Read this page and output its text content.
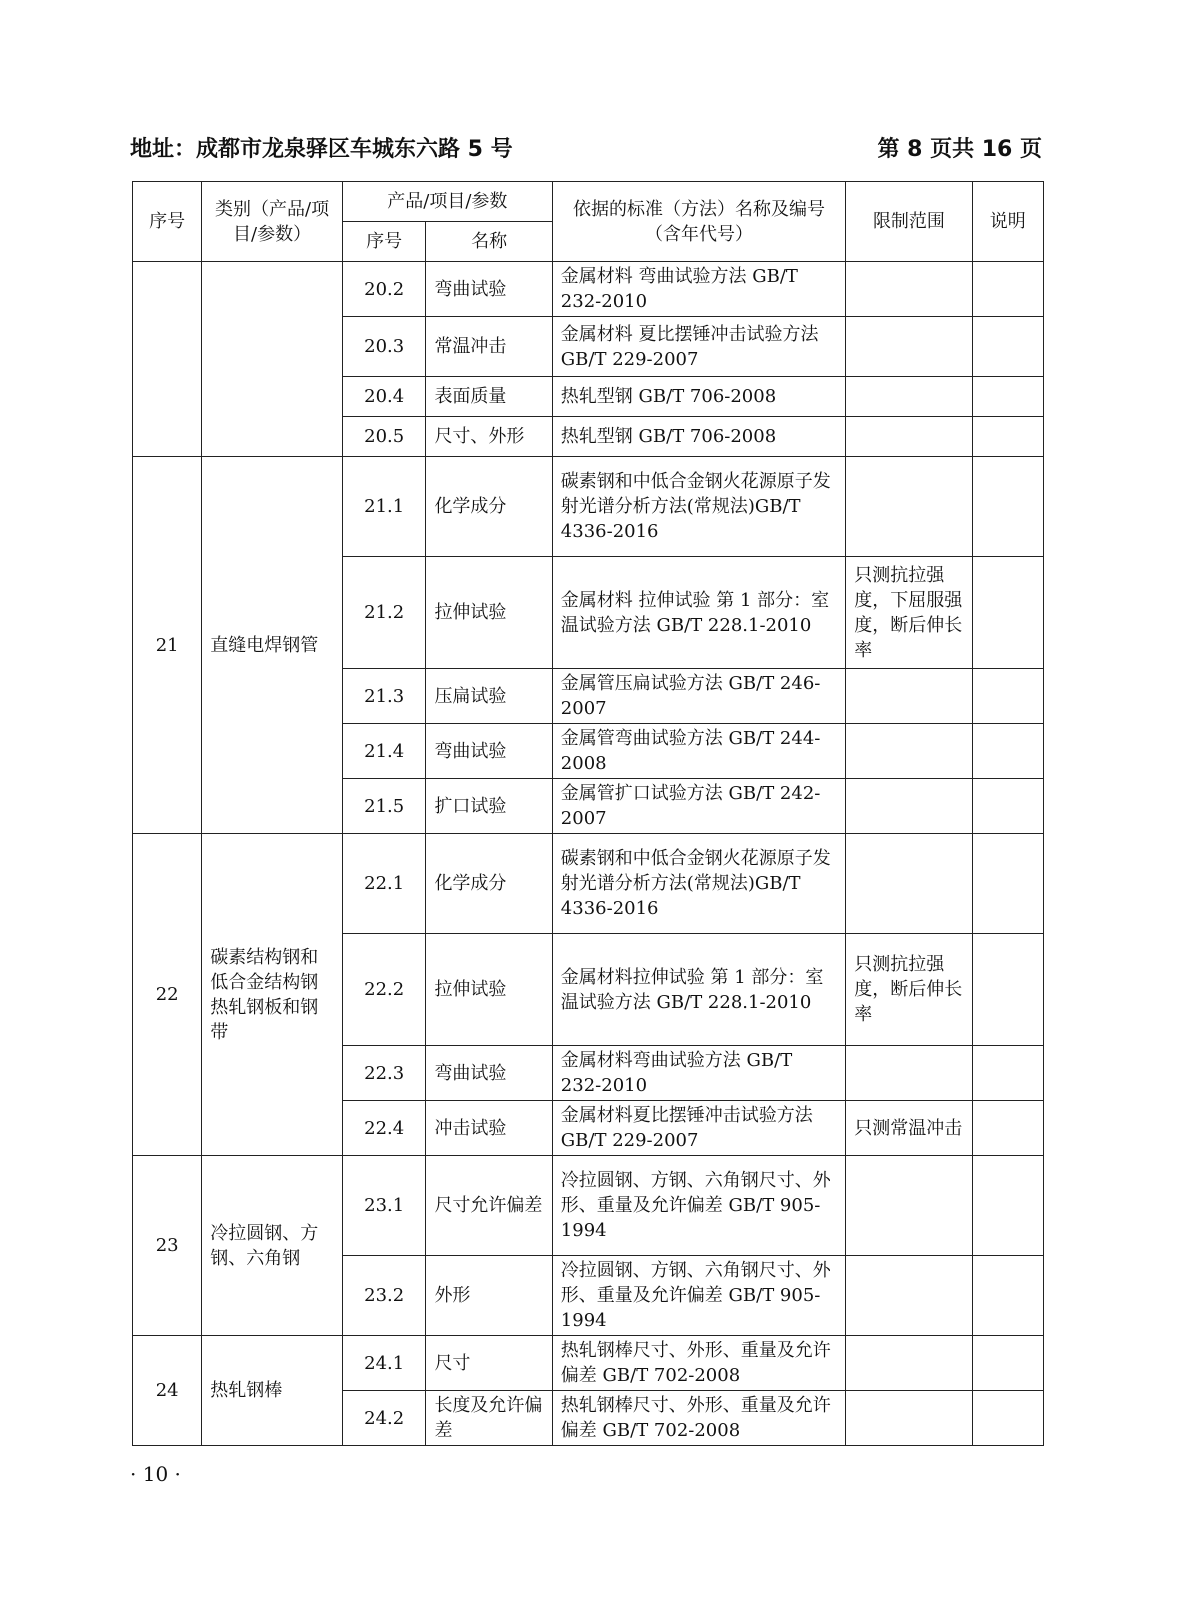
地址：成都市龙泉驿区车城东六路 5 号	第 8 页共 16 页
序号	类别（产品/项目/参数）	产品/项目/参数		依据的标准（方法）名称及编号（含年代号）	限制范围	说明
		序号	名称			
		20.2	弯曲试验	金属材料 弯曲试验方法 GB/T 232-2010		
		20.3	常温冲击	金属材料 夏比摆锤冲击试验方法 GB/T 229-2007		
		20.4	表面质量	热轧型钢 GB/T 706-2008		
		20.5	尺寸、外形	热轧型钢 GB/T 706-2008		
21	直缝电焊钢管	21.1	化学成分	碳素钢和中低合金钢火花源原子发射光谱分析方法(常规法)GB/T 4336-2016		
		21.2	拉伸试验	金属材料 拉伸试验 第 1 部分：室温试验方法 GB/T 228.1-2010	只测抗拉强度，下屈服强度，断后伸长率	
		21.3	压扁试验	金属管压扁试验方法 GB/T 246-2007		
		21.4	弯曲试验	金属管弯曲试验方法 GB/T 244-2008		
		21.5	扩口试验	金属管扩口试验方法 GB/T 242-2007		
22	碳素结构钢和低合金结构钢热轧钢板和钢带	22.1	化学成分	碳素钢和中低合金钢火花源原子发射光谱分析方法(常规法)GB/T 4336-2016		
		22.2	拉伸试验	金属材料拉伸试验 第 1 部分：室温试验方法 GB/T 228.1-2010	只测抗拉强度，断后伸长率	
		22.3	弯曲试验	金属材料弯曲试验方法 GB/T 232-2010		
		22.4	冲击试验	金属材料夏比摆锤冲击试验方法 GB/T 229-2007	只测常温冲击	
23	冷拉圆钢、方钢、六角钢	23.1	尺寸允许偏差	冷拉圆钢、方钢、六角钢尺寸、外形、重量及允许偏差 GB/T 905-1994		
		23.2	外形	冷拉圆钢、方钢、六角钢尺寸、外形、重量及允许偏差 GB/T 905-1994		
24	热轧钢棒	24.1	尺寸	热轧钢棒尺寸、外形、重量及允许偏差 GB/T 702-2008		
		24.2	长度及允许偏差	热轧钢棒尺寸、外形、重量及允许偏差 GB/T 702-2008		
· 10 ·
